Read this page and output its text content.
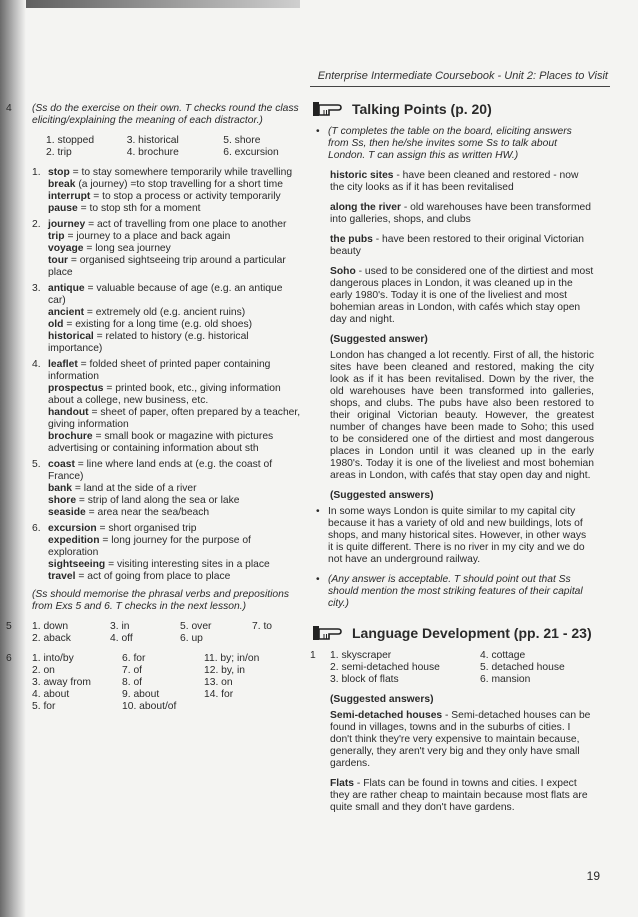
Enterprise Intermediate Coursebook - Unit 2: Places to Visit
4	(Ss do the exercise on their own. T checks round the class eliciting/explaining the meaning of each distractor.)

1. stopped	3. historical	5. shore
2. trip	4. brochure	6. excursion
1. stop = to stay somewhere temporarily while travelling

break (a journey) =to stop travelling for a short time

interrupt = to stop a process or activity temporarily

pause = to stop sth for a moment

2. journey = act of travelling from one place to another

trip = journey to a place and back again

voyage = long sea journey

tour = organised sightseeing trip around a particular place

3. antique = valuable because of age (e.g. an antique car)

ancient = extremely old (e.g. ancient ruins)

old = existing for a long time (e.g. old shoes)

historical = related to history (e.g. historical importance)

4. leaflet = folded sheet of printed paper containing information

prospectus = printed book, etc., giving information about a college, new business, etc.

handout = sheet of paper, often prepared by a teacher, giving information

brochure = small book or magazine with pictures advertising or containing information about sth

5. coast = line where land ends at (e.g. the coast of France)

bank = land at the side of a river

shore = strip of land along the sea or lake

seaside = area near the sea/beach

6. excursion = short organised trip

expedition = long journey for the purpose of exploration

sightseeing = visiting interesting sites in a place

travel = act of going from place to place

(Ss should memorise the phrasal verbs and prepositions from Exs 5 and 6. T checks in the next lesson.)

5 1. down	3. in	5. over	7. to
2. aback	4. off	6. up
6 1. into/by	6. for	11. by; in/on
2. on	7. of	12. by, in
3. away from	8. of	13. on
4. about	9. about	14. for
5. for	10. about/of
Talking Points (p. 20)
• (T completes the table on the board, eliciting answers from Ss, then he/she invites some Ss to talk about London. T can assign this as written HW.)

historic sites - have been cleaned and restored - now the city looks as if it has been revitalised

along the river - old warehouses have been transformed into galleries, shops, and clubs

the pubs - have been restored to their original Victorian beauty

Soho - used to be considered one of the dirtiest and most dangerous places in London, it was cleaned up in the early 1980's. Today it is one of the liveliest and most bohemian areas in London, with cafés which stay open day and night.

(Suggested answer)

London has changed a lot recently. First of all, the historic sites have been cleaned and restored, making the city look as if it has been revitalised. Down by the river, the old warehouses have been transformed into galleries, shops, and clubs. The pubs have also been restored to their original Victorian beauty. However, the greatest number of changes have been made to Soho; this used to be considered one of the dirtiest and most dangerous places in London until it was cleaned up in the early 1980's. Today it is one of the liveliest and most bohemian areas in London, with cafés that stay open day and night.

(Suggested answers)

• In some ways London is quite similar to my capital city because it has a variety of old and new buildings, lots of shops, and many historical sites. However, in other ways it is quite different. There is no river in my city and we do not have an underground railway.

• (Any answer is acceptable. T should point out that Ss should mention the most striking features of their capital city.)

Language Development (pp. 21 - 23)
1 1. skyscraper	4. cottage
2. semi-detached house	5. detached house
3. block of flats	6. mansion

(Suggested answers)

Semi-detached houses - Semi-detached houses can be found in villages, towns and in the suburbs of cities. I don't think they're very expensive to maintain because, generally, they aren't very big and they only have small gardens.

Flats - Flats can be found in towns and cities. I expect they are rather cheap to maintain because most flats are quite small and they don't have gardens.

19
